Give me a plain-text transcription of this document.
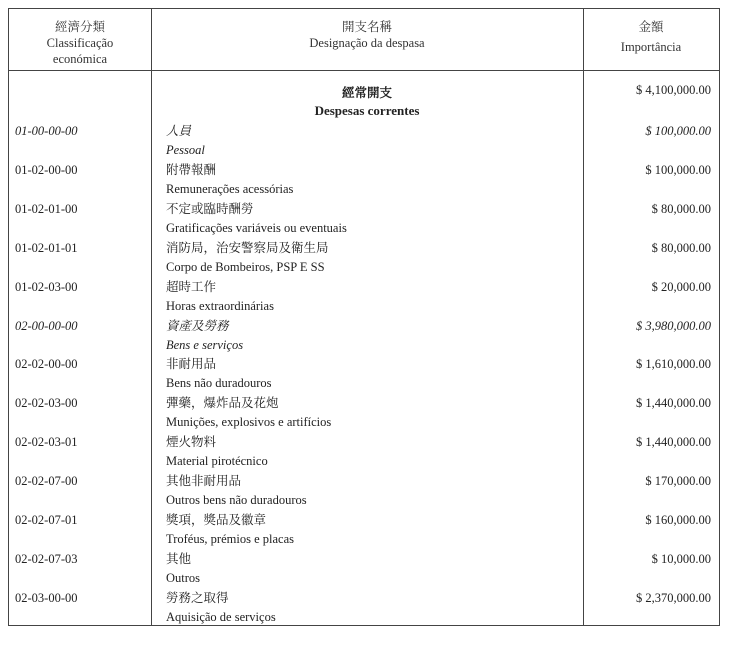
經濟分類
Classificação
económica
開支名稱
Designação da despasa
金額
Importância
經常開支
Despesas correntes
$ 4,100,000.00
01-00-00-00	人員
Pessoal
$ 100,000.00
01-02-00-00	附帶報酬
Remunerações acessórias
$ 100,000.00
01-02-01-00	不定或臨時酬勞
Gratificações variáveis ou eventuais
$ 80,000.00
01-02-01-01	消防局，治安警察局及衛生局
Corpo de Bombeiros, PSP E SS
$ 80,000.00
01-02-03-00	超時工作
Horas extraordinárias
$ 20,000.00
02-00-00-00	資產及勞務
Bens e serviços
$ 3,980,000.00
02-02-00-00	非耐用品
Bens não duradouros
$ 1,610,000.00
02-02-03-00	彈藥，爆炸品及花炮
Munições, explosivos e artifícios
$ 1,440,000.00
02-02-03-01	煙火物料
Material pirotécnico
$ 1,440,000.00
02-02-07-00	其他非耐用品
Outros bens não duradouros
$ 170,000.00
02-02-07-01	獎項，獎品及徽章
Troféus, prémios e placas
$ 160,000.00
02-02-07-03	其他
Outros
$ 10,000.00
02-03-00-00	勞務之取得
Aquisição de serviços
$ 2,370,000.00
